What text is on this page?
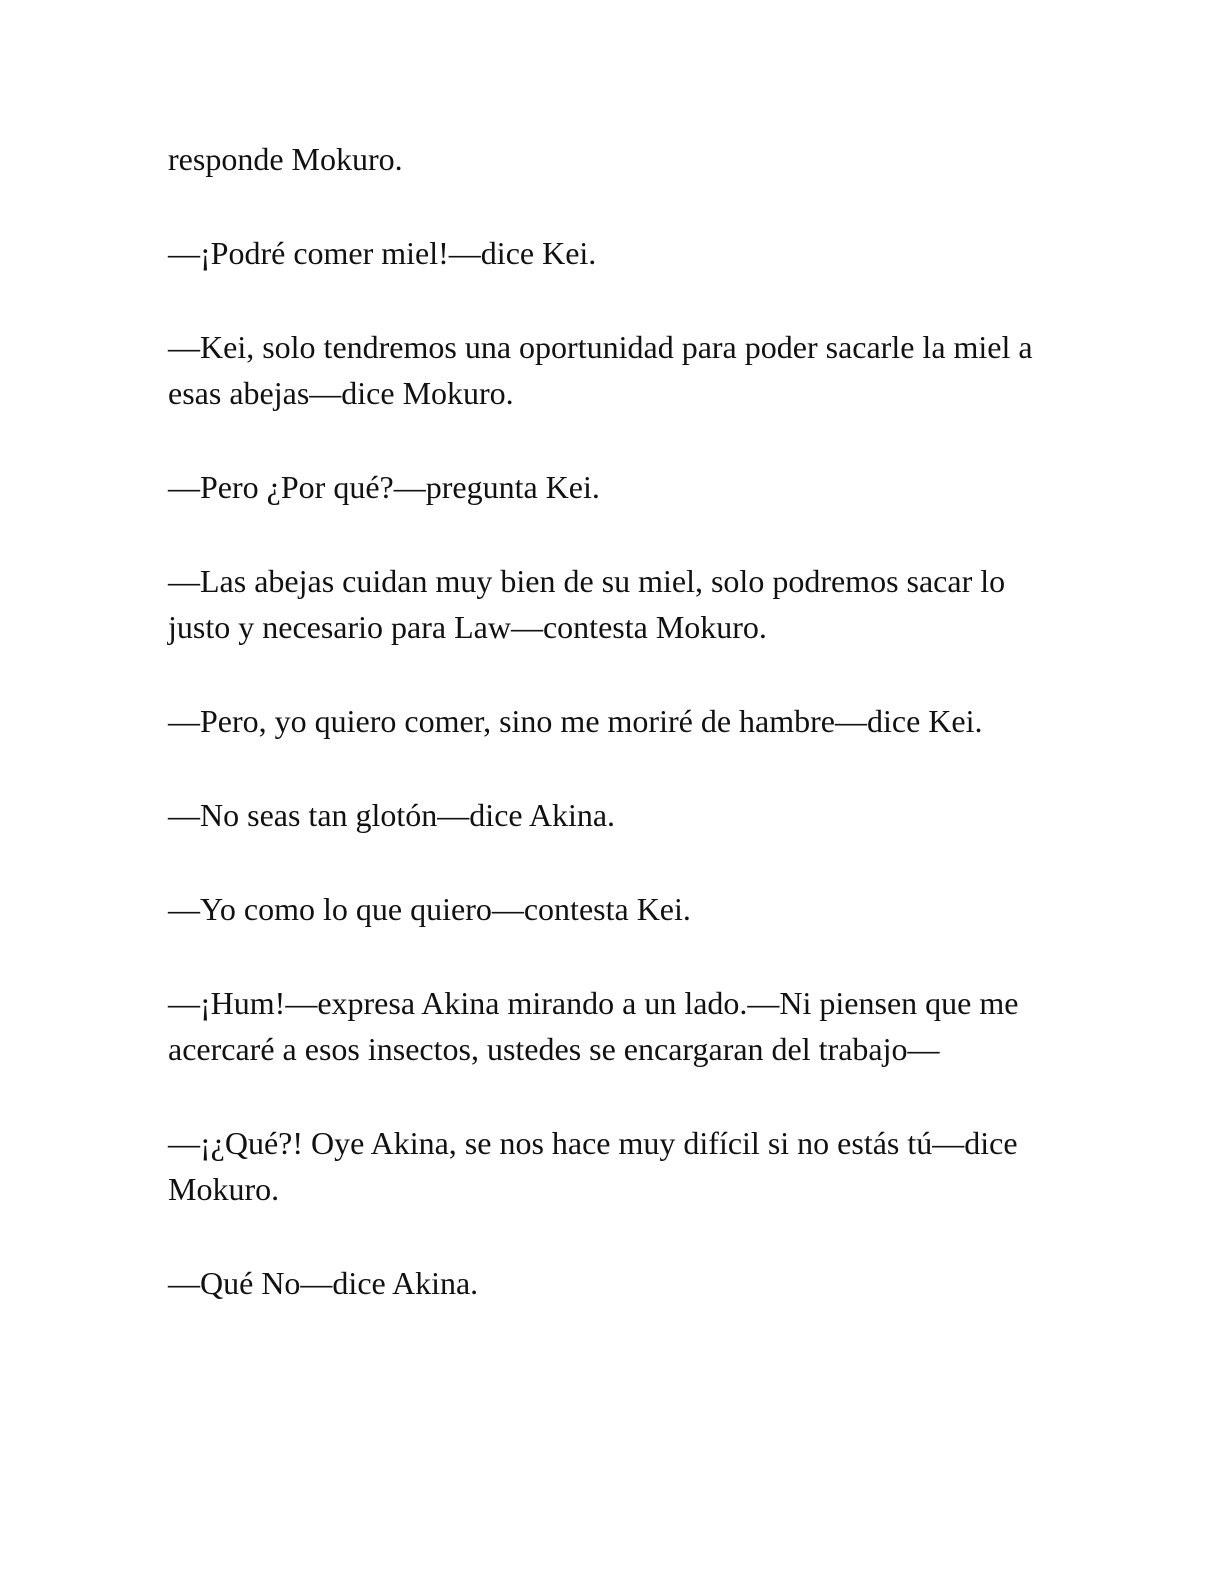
responde Mokuro.

—¡Podré comer miel!—dice Kei.

—Kei, solo tendremos una oportunidad para poder sacarle la miel a esas abejas—dice Mokuro.

—Pero ¿Por qué?—pregunta Kei.

—Las abejas cuidan muy bien de su miel, solo podremos sacar lo justo y necesario para Law—contesta Mokuro.

—Pero, yo quiero comer, sino me moriré de hambre—dice Kei.

—No seas tan glotón—dice Akina.

—Yo como lo que quiero—contesta Kei.

—¡Hum!—expresa Akina mirando a un lado.—Ni piensen que me acercaré a esos insectos, ustedes se encargaran del trabajo—

—¡¿Qué?! Oye Akina, se nos hace muy difícil si no estás tú—dice Mokuro.

—Qué No—dice Akina.
